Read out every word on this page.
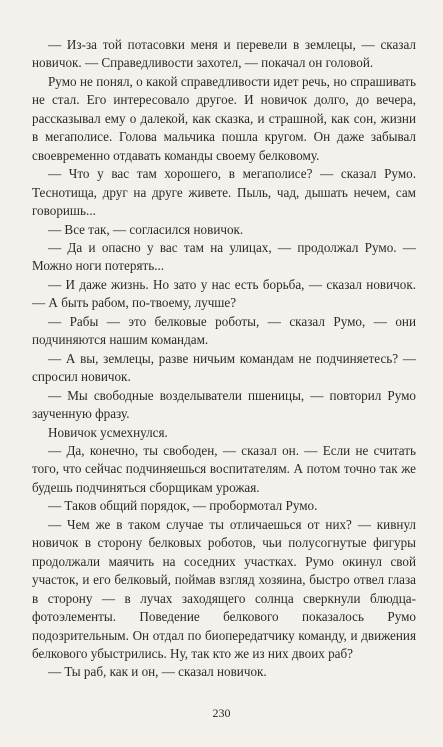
— Из-за той потасовки меня и перевели в землецы, — сказал новичок. — Справедливости захотел, — покачал он головой.

Румо не понял, о какой справедливости идет речь, но спрашивать не стал. Его интересовало другое. И новичок долго, до вечера, рассказывал ему о далекой, как сказка, и страшной, как сон, жизни в мегаполисе. Голова мальчика пошла кругом. Он даже забывал своевременно отдавать команды своему белковому.

— Что у вас там хорошего, в мегаполисе? — сказал Румо. Теснотища, друг на друге живете. Пыль, чад, дышать нечем, сам говоришь...

— Все так, — согласился новичок.

— Да и опасно у вас там на улицах, — продолжал Румо. — Можно ноги потерять...

— И даже жизнь. Но зато у нас есть борьба, — сказал новичок. — А быть рабом, по-твоему, лучше?

— Рабы — это белковые роботы, — сказал Румо, — они подчиняются нашим командам.

— А вы, землецы, разве ничьим командам не подчиняетесь? — спросил новичок.

— Мы свободные возделыватели пшеницы, — повторил Румо заученную фразу.

Новичок усмехнулся.

— Да, конечно, ты свободен, — сказал он. — Если не считать того, что сейчас подчиняешься воспитателям. А потом точно так же будешь подчиняться сборщикам урожая.

— Таков общий порядок, — пробормотал Румо.

— Чем же в таком случае ты отличаешься от них? — кивнул новичок в сторону белковых роботов, чьи полусогнутые фигуры продолжали маячить на соседних участках. Румо окинул свой участок, и его белковый, поймав взгляд хозяина, быстро отвел глаза в сторону — в лучах заходящего солнца сверкнули блюдца-фотоэлементы. Поведение белкового показалось Румо подозрительным. Он отдал по биопередатчику команду, и движения белкового убыстрились. Ну, так кто же из них двоих раб?

— Ты раб, как и он, — сказал новичок.

230
